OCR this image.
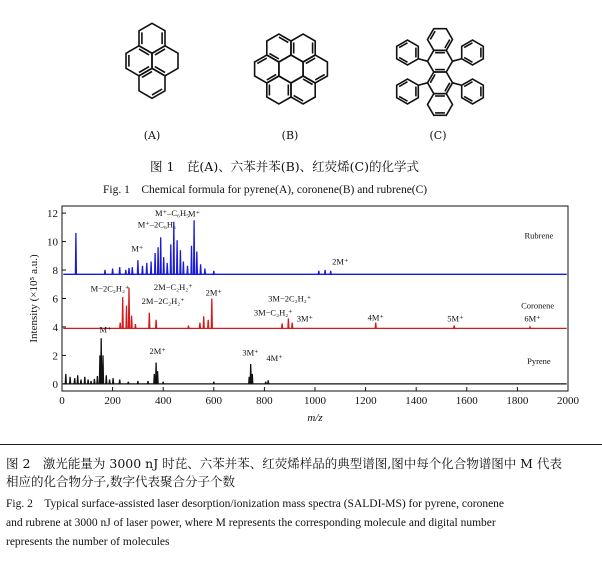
(A)	(B)	(C)
图 1　芘(A)、六苯并苯(B)、红荧烯(C)的化学式
Fig. 1　Chemical formula for pyrene(A), coronene(B) and rubrene(C)
0	200	400	600	800	1000	1200	1400	1600	1800	2000
0
2
4
6
8
10
12
m/z
Intensity (×10⁵ a.u.)
M⁺–C₆H₅
M⁺–2C₆H₅
M⁺
M⁺
2M⁺
Rubrene
M−2C₂H₂⁺	2M−C₂H₂⁺
2M⁺
2M−2C₂H₂⁺	3M−2C₂H₂⁺
3M−C₂H₂⁺
3M⁺	4M⁺	5M⁺	6M⁺
Coronene
M⁺
2M⁺	3M⁺
4M⁺	Pyrene
图 2　激光能量为 3000 nJ 时芘、六苯并苯、红荧烯样品的典型谱图,图中每个化合物谱图中 M 代表
相应的化合物分子,数字代表聚合分子个数
Fig. 2　Typical surface-assisted laser desorption/ionization mass spectra (SALDI-MS) for pyrene, coronene
and rubrene at 3000 nJ of laser power, where M represents the corresponding molecule and digital number
represents the number of molecules
